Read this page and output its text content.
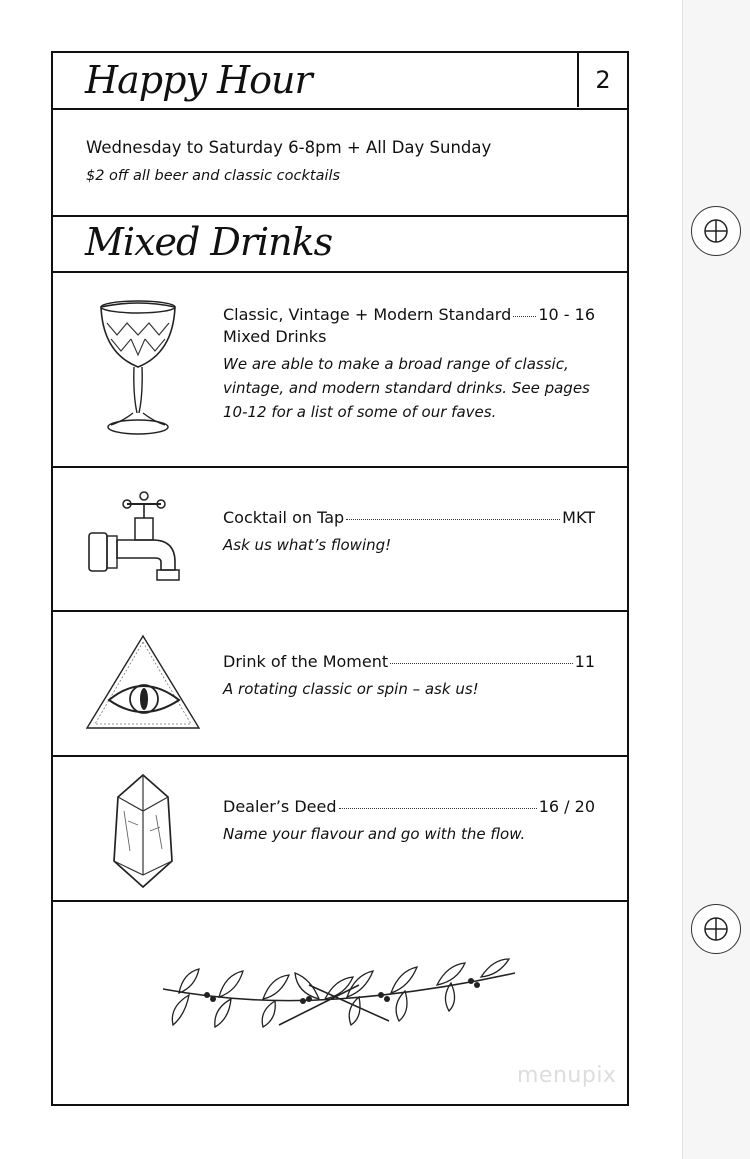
Happy Hour	2
Wednesday to Saturday 6-8pm + All Day Sunday
$2 off all beer and classic cocktails
Mixed Drinks
Classic, Vintage + Modern Standard 10 - 16
Mixed Drinks
We are able to make a broad range of classic, vintage, and modern standard drinks. See pages 10-12 for a list of some of our faves.
Cocktail on Tap	MKT
Ask us what’s flowing!
Drink of the Moment	11
A rotating classic or spin – ask us!
Dealer’s Deed	16 / 20
Name your flavour and go with the flow.
menupix
